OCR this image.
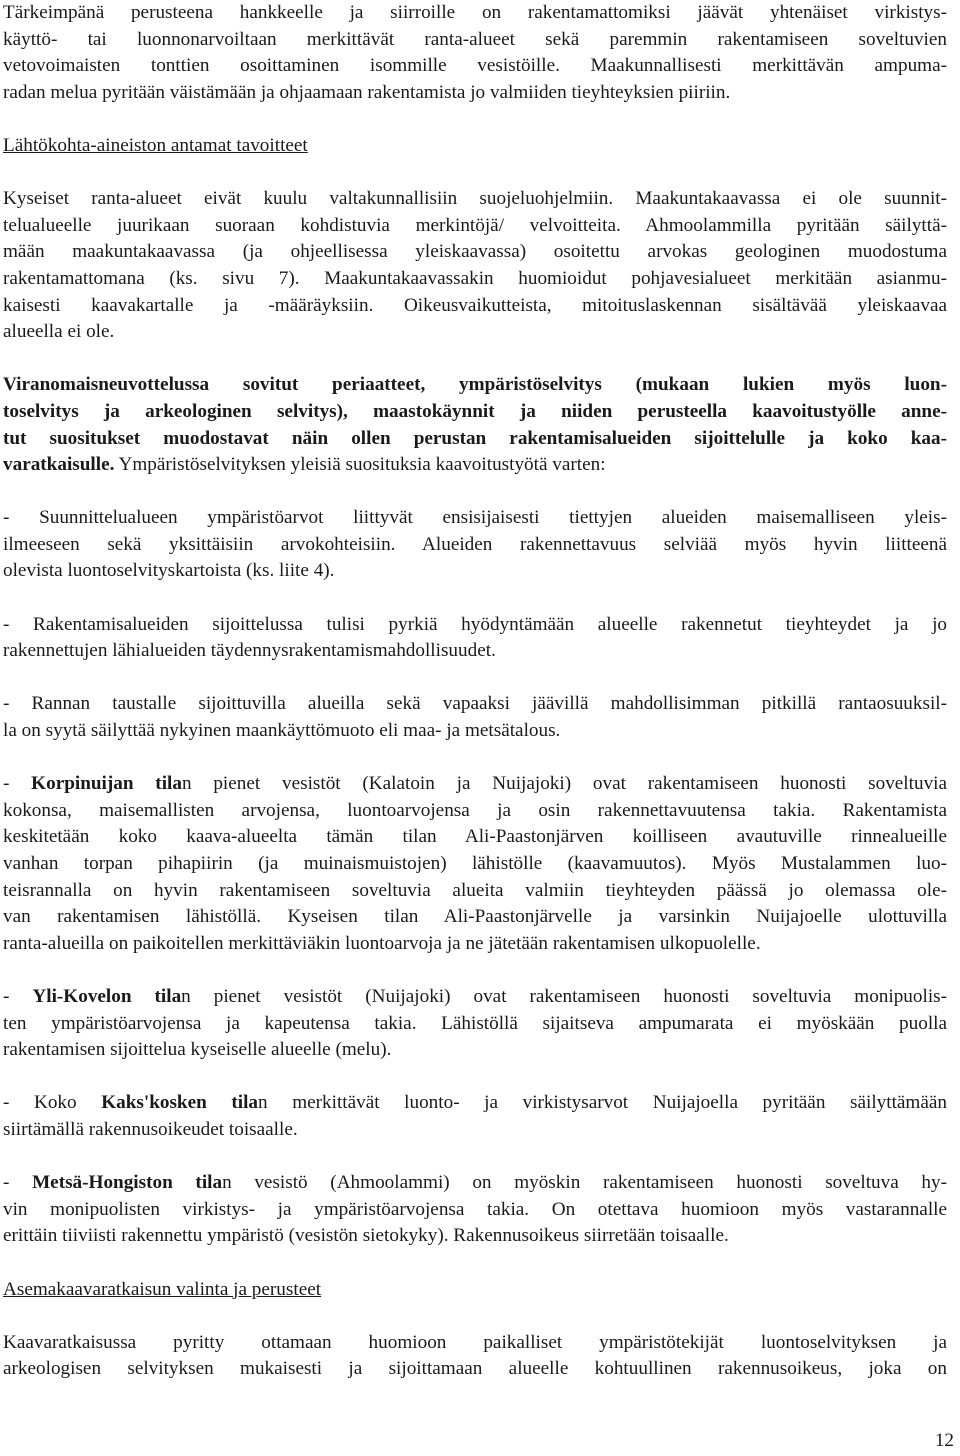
Tärkeimpänä perusteena hankkeelle ja siirroille on rakentamattomiksi jäävät yhtenäiset virkistys-
käyttö- tai luonnonarvoiltaan merkittävät ranta-alueet sekä paremmin rakentamiseen soveltuvien
vetovoimaisten tonttien osoittaminen isommille vesistöille. Maakunnallisesti merkittävän ampuma-
radan melua pyritään väistämään ja ohjaamaan rakentamista jo valmiiden tieyhteyksien piiriin.
Lähtökohta-aineiston antamat tavoitteet
Kyseiset ranta-alueet eivät kuulu valtakunnallisiin suojeluohjelmiin. Maakuntakaavassa ei ole suunnit-
telualueelle juurikaan suoraan kohdistuvia merkintöjä/ velvoitteita. Ahmoolammilla pyritään säilyttä-
mään maakuntakaavassa (ja ohjeellisessa yleiskaavassa) osoitettu arvokas geologinen muodostuma
rakentamattomana (ks. sivu 7). Maakuntakaavassakin huomioidut pohjavesialueet merkitään asianmu-
kaisesti kaavakartalle ja -määräyksiin. Oikeusvaikutteista, mitoituslaskennan sisältävää yleiskaavaa
alueella ei ole.
Viranomaisneuvottelussa sovitut periaatteet, ympäristöselvitys (mukaan lukien myös luon-
toselvitys ja arkeologinen selvitys), maastokäynnit ja niiden perusteella kaavoitustyölle anne-
tut suositukset muodostavat näin ollen perustan rakentamisalueiden sijoittelulle ja koko kaa-
varatkaisulle. Ympäristöselvityksen yleisiä suosituksia kaavoitustyötä varten:
- Suunnittelualueen ympäristöarvot liittyvät ensisijaisesti tiettyjen alueiden maisemalliseen yleis-
ilmeeseen sekä yksittäisiin arvokohteisiin. Alueiden rakennettavuus selviää myös hyvin liitteenä
olevista luontoselvityskartoista (ks. liite 4).
- Rakentamisalueiden sijoittelussa tulisi pyrkiä hyödyntämään alueelle rakennetut tieyhteydet ja jo
rakennettujen lähialueiden täydennysrakentamismahdollisuudet.
- Rannan taustalle sijoittuvilla alueilla sekä vapaaksi jäävillä mahdollisimman pitkillä rantaosuuksil-
la on syytä säilyttää nykyinen maankäyttömuoto eli maa- ja metsätalous.
- Korpinuijan tilan pienet vesistöt (Kalatoin ja Nuijajoki) ovat rakentamiseen huonosti soveltuvia
kokonsa, maisemallisten arvojensa, luontoarvojensa ja osin rakennettavuutensa takia. Rakentamista
keskitetään koko kaava-alueelta tämän tilan Ali-Paastonjärven koilliseen avautuville rinnealueille
vanhan torpan pihapiirin (ja muinaismuistojen) lähistölle (kaavamuutos). Myös Mustalammen luo-
teisrannalla on hyvin rakentamiseen soveltuvia alueita valmiin tieyhteyden päässä jo olemassa ole-
van rakentamisen lähistöllä. Kyseisen tilan Ali-Paastonjärvelle ja varsinkin Nuijajoelle ulottuvilla
ranta-alueilla on paikoitellen merkittäviäkin luontoarvoja ja ne jätetään rakentamisen ulkopuolelle.
- Yli-Kovelon tilan pienet vesistöt (Nuijajoki) ovat rakentamiseen huonosti soveltuvia monipuolis-
ten ympäristöarvojensa ja kapeutensa takia. Lähistöllä sijaitseva ampumarata ei myöskään puolla
rakentamisen sijoittelua kyseiselle alueelle (melu).
- Koko Kaks'kosken tilan merkittävät luonto- ja virkistysarvot Nuijajoella pyritään säilyttämään
siirtämällä rakennusoikeudet toisaalle.
- Metsä-Hongiston tilan vesistö (Ahmoolammi) on myöskin rakentamiseen huonosti soveltuva hy-
vin monipuolisten virkistys- ja ympäristöarvojensa takia. On otettava huomioon myös vastarannalle
erittäin tiiviisti rakennettu ympäristö (vesistön sietokyky). Rakennusoikeus siirretään toisaalle.
Asemakaavaratkaisun valinta ja perusteet
Kaavaratkaisussa pyritty ottamaan huomioon paikalliset ympäristötekijät luontoselvityksen ja
arkeologisen selvityksen mukaisesti ja sijoittamaan alueelle kohtuullinen rakennusoikeus, joka on
12
